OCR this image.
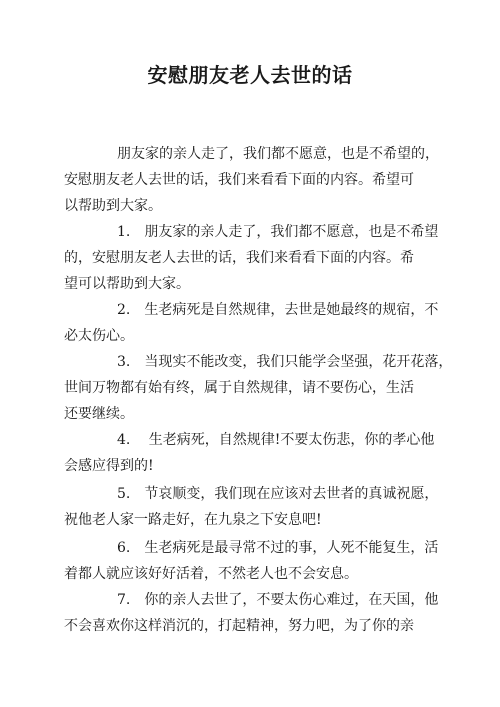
安慰朋友老人去世的话
朋友家的亲人走了，我们都不愿意，也是不希望的，
安慰朋友老人去世的话，我们来看看下面的内容。希望可
以帮助到大家。
1.　朋友家的亲人走了，我们都不愿意，也是不希望
的，安慰朋友老人去世的话，我们来看看下面的内容。希
望可以帮助到大家。
2.　生老病死是自然规律，去世是她最终的规宿，不
必太伤心。
3.　当现实不能改变，我们只能学会坚强，花开花落，
世间万物都有始有终，属于自然规律，请不要伤心，生活
还要继续。
4.　 生老病死，自然规律!不要太伤悲，你的孝心他
会感应得到的!
5.　节哀顺变，我们现在应该对去世者的真诚祝愿，
祝他老人家一路走好，在九泉之下安息吧!
6.　生老病死是最寻常不过的事，人死不能复生，活
着都人就应该好好活着，不然老人也不会安息。
7.　你的亲人去世了，不要太伤心难过，在天国，他
不会喜欢你这样消沉的，打起精神，努力吧，为了你的亲
